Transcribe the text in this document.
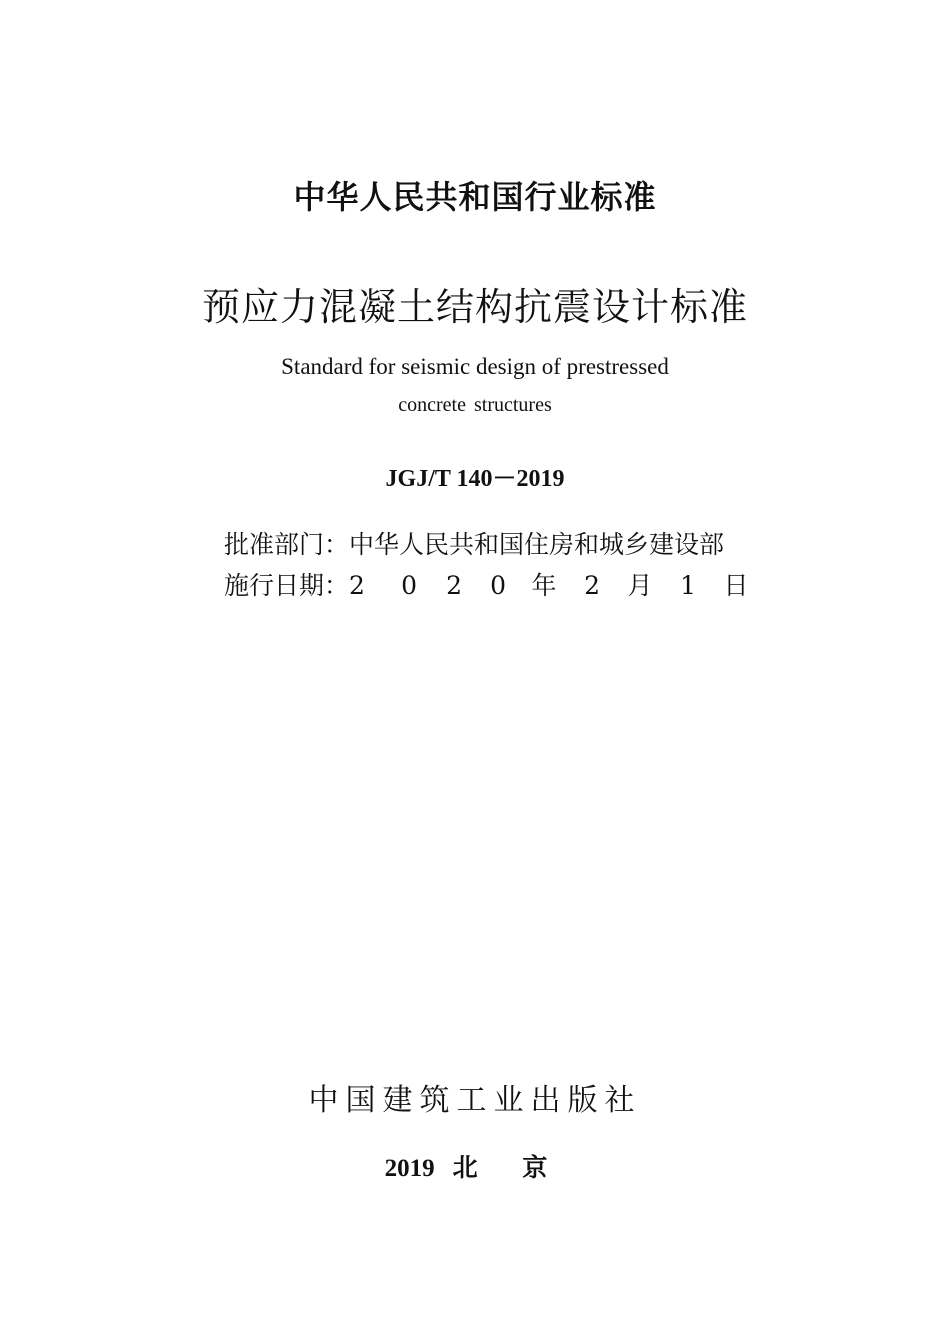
中华人民共和国行业标准

预应力混凝土结构抗震设计标准

Standard for seismic design of prestressed

concrete structures

JGJ/T 140－2019

批准部门：中华人民共和国住房和城乡建设部
施行日期：2 0 2 0 年 2 月 1 日

中国建筑工业出版社

2019 北 京
